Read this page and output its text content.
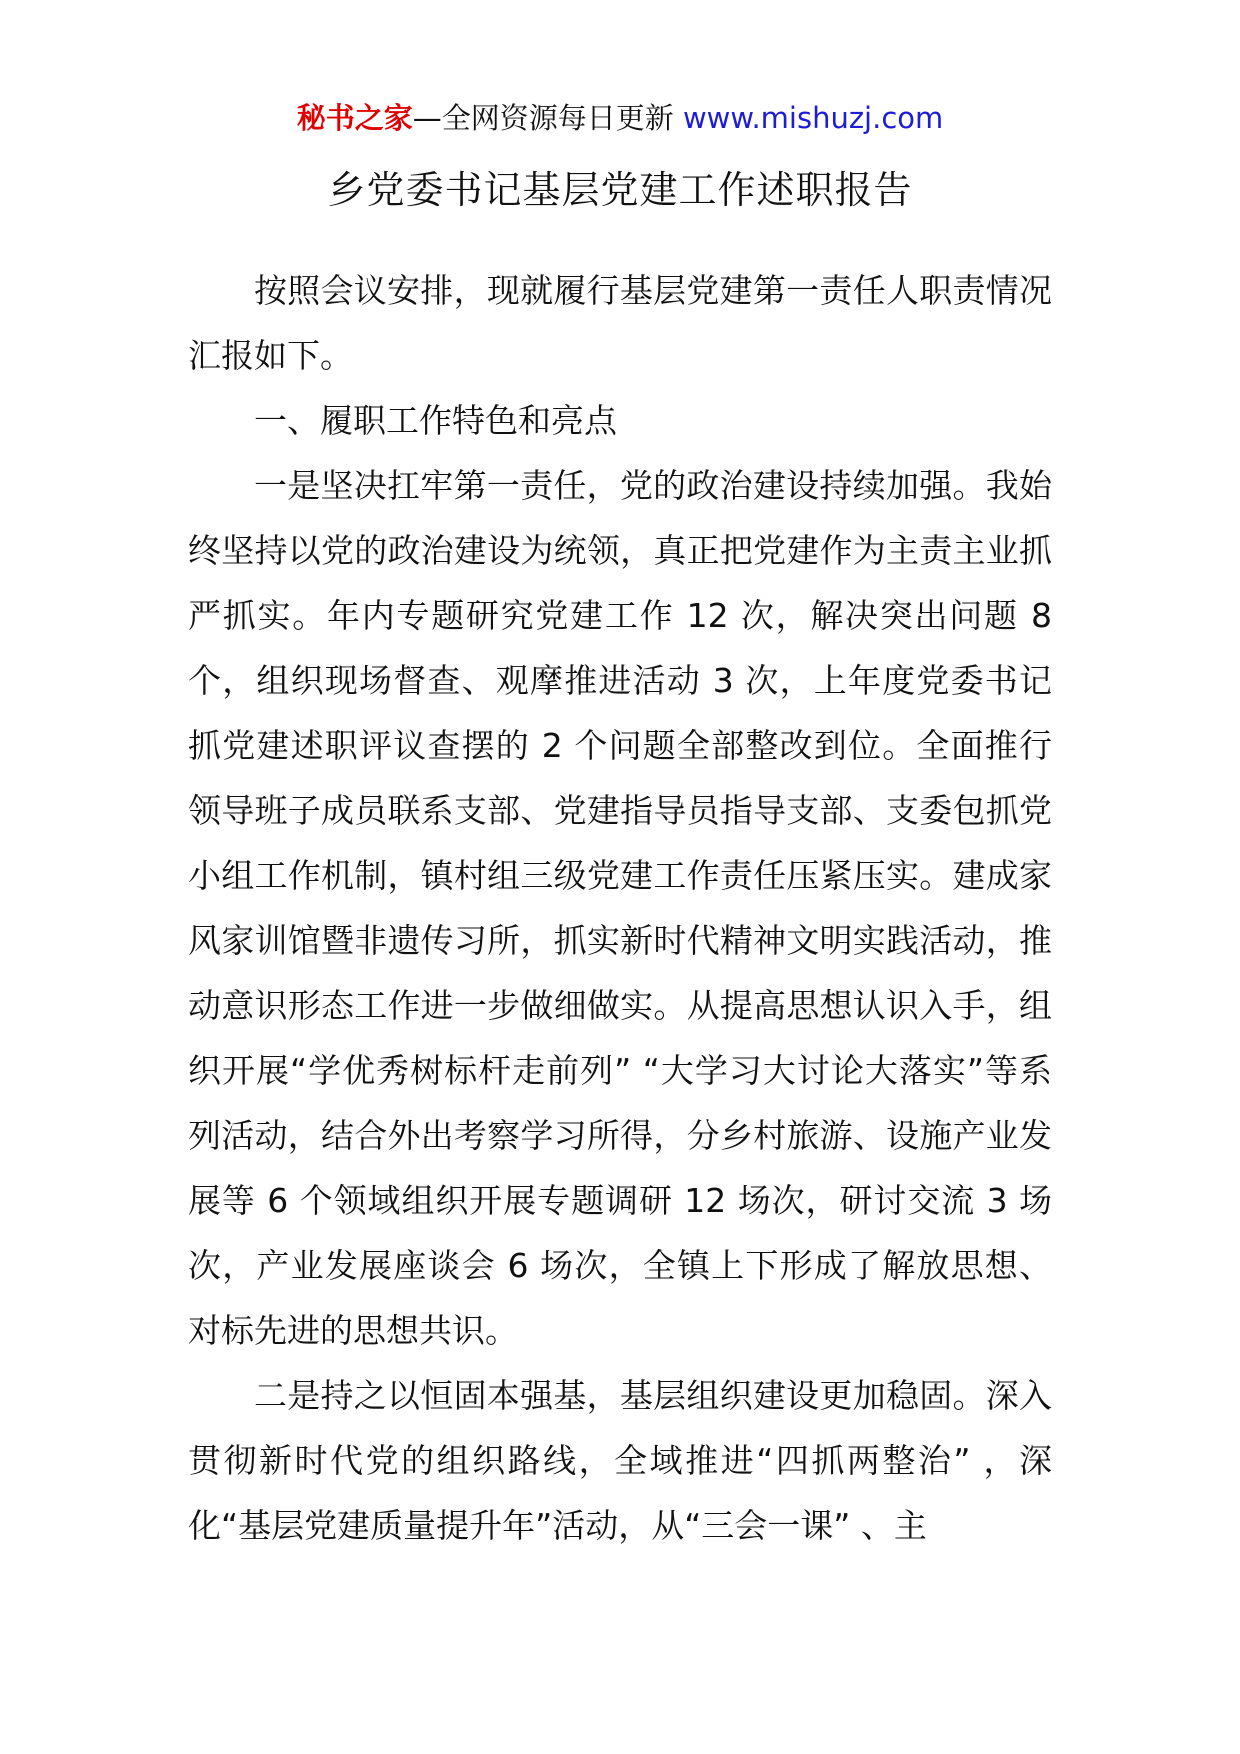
秘书之家—全网资源每日更新 www.mishuzj.com
乡党委书记基层党建工作述职报告

按照会议安排，现就履行基层党建第一责任人职责情况汇报如下。

一、履职工作特色和亮点

一是坚决扛牢第一责任，党的政治建设持续加强。我始终坚持以党的政治建设为统领，真正把党建作为主责主业抓严抓实。年内专题研究党建工作 12 次，解决突出问题 8 个，组织现场督查、观摩推进活动 3 次，上年度党委书记抓党建述职评议查摆的 2 个问题全部整改到位。全面推行领导班子成员联系支部、党建指导员指导支部、支委包抓党小组工作机制，镇村组三级党建工作责任压紧压实。建成家风家训馆暨非遗传习所，抓实新时代精神文明实践活动，推动意识形态工作进一步做细做实。从提高思想认识入手，组织开展“学优秀树标杆走前列” “大学习大讨论大落实”等系列活动，结合外出考察学习所得，分乡村旅游、设施产业发展等 6 个领域组织开展专题调研 12 场次，研讨交流 3 场次，产业发展座谈会 6 场次，全镇上下形成了解放思想、对标先进的思想共识。

二是持之以恒固本强基，基层组织建设更加稳固。深入贯彻新时代党的组织路线，全域推进“四抓两整治” ，深化“基层党建质量提升年”活动，从“三会一课” 、主
